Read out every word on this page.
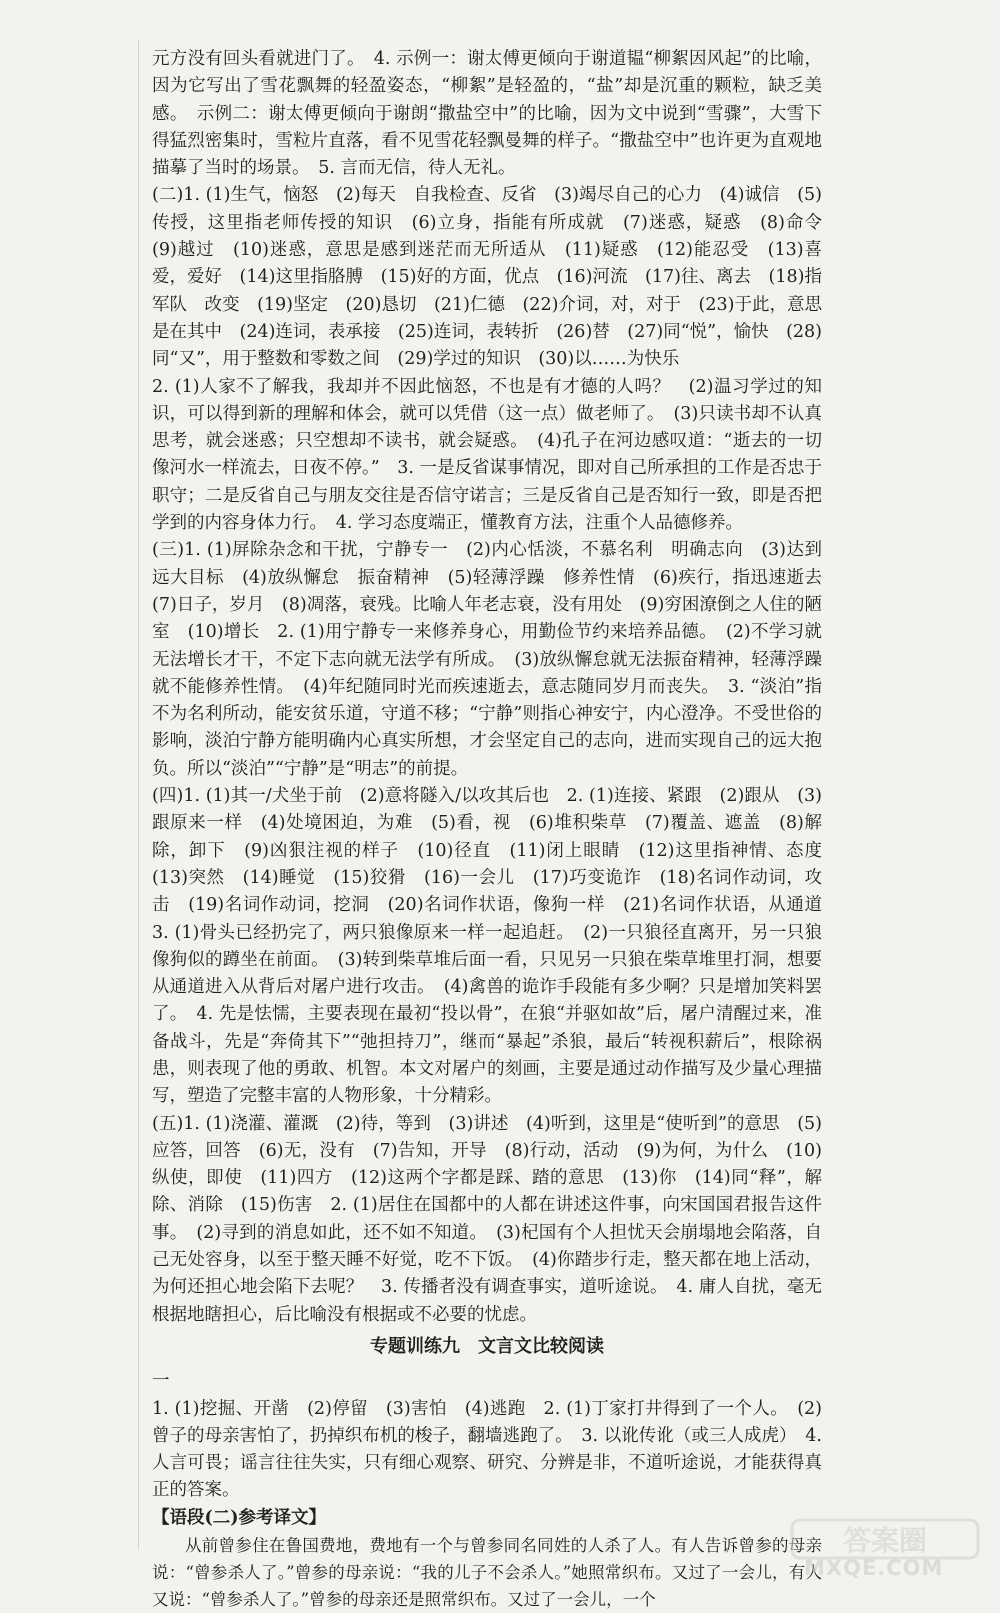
元方没有回头看就进门了。　4. 示例一：谢太傅更倾向于谢道韫“柳絮因风起”的比喻，因为它写出了雪花飘舞的轻盈姿态，“柳絮”是轻盈的，“盐”却是沉重的颗粒，缺乏美感。　示例二：谢太傅更倾向于谢朗“撒盐空中”的比喻，因为文中说到“雪骤”，大雪下得猛烈密集时，雪粒片直落，看不见雪花轻飘曼舞的样子。“撒盐空中”也许更为直观地描摹了当时的场景。　5. 言而无信，待人无礼。

(二)1. (1)生气，恼怒　(2)每天　自我检查、反省　(3)竭尽自己的心力　(4)诚信　(5)传授，这里指老师传授的知识　(6)立身，指能有所成就　(7)迷惑，疑惑　(8)命令　(9)越过　(10)迷惑，意思是感到迷茫而无所适从　(11)疑惑　(12)能忍受　(13)喜爱，爱好　(14)这里指胳膊　(15)好的方面，优点　(16)河流　(17)往、离去　(18)指军队　改变　(19)坚定　(20)恳切　(21)仁德　(22)介词，对，对于　(23)于此，意思是在其中　(24)连词，表承接　(25)连词，表转折　(26)替　(27)同“悦”，愉快　(28)同“又”，用于整数和零数之间　(29)学过的知识　(30)以……为快乐

2. (1)人家不了解我，我却并不因此恼怒，不也是有才德的人吗？　(2)温习学过的知识，可以得到新的理解和体会，就可以凭借（这一点）做老师了。　(3)只读书却不认真思考，就会迷惑；只空想却不读书，就会疑惑。　(4)孔子在河边感叹道：“逝去的一切像河水一样流去，日夜不停。”　3. 一是反省谋事情况，即对自己所承担的工作是否忠于职守；二是反省自己与朋友交往是否信守诺言；三是反省自己是否知行一致，即是否把学到的内容身体力行。　4. 学习态度端正，懂教育方法，注重个人品德修养。

(三)1. (1)屏除杂念和干扰，宁静专一　(2)内心恬淡，不慕名利　明确志向　(3)达到远大目标　(4)放纵懈怠　振奋精神　(5)轻薄浮躁　修养性情　(6)疾行，指迅速逝去　(7)日子，岁月　(8)凋落，衰残。比喻人年老志衰，没有用处　(9)穷困潦倒之人住的陋室　(10)增长　2. (1)用宁静专一来修养身心，用勤俭节约来培养品德。　(2)不学习就无法增长才干，不定下志向就无法学有所成。　(3)放纵懈怠就无法振奋精神，轻薄浮躁就不能修养性情。　(4)年纪随同时光而疾速逝去，意志随同岁月而丧失。　3. “淡泊”指不为名利所动，能安贫乐道，守道不移；“宁静”则指心神安宁，内心澄净。不受世俗的影响，淡泊宁静方能明确内心真实所想，才会坚定自己的志向，进而实现自己的远大抱负。所以“淡泊”“宁静”是“明志”的前提。

(四)1. (1)其一/犬坐于前　(2)意将隧入/以攻其后也　2. (1)连接、紧跟　(2)跟从　(3)跟原来一样　(4)处境困迫，为难　(5)看，视　(6)堆积柴草　(7)覆盖、遮盖　(8)解除，卸下　(9)凶狠注视的样子　(10)径直　(11)闭上眼睛　(12)这里指神情、态度　(13)突然　(14)睡觉　(15)狡猾　(16)一会儿　(17)巧变诡诈　(18)名词作动词，攻击　(19)名词作动词，挖洞　(20)名词作状语，像狗一样　(21)名词作状语，从通道　3. (1)骨头已经扔完了，两只狼像原来一样一起追赶。　(2)一只狼径直离开，另一只狼像狗似的蹲坐在前面。　(3)转到柴草堆后面一看，只见另一只狼在柴草堆里打洞，想要从通道进入从背后对屠户进行攻击。　(4)禽兽的诡诈手段能有多少啊？只是增加笑料罢了。　4. 先是怯懦，主要表现在最初“投以骨”，在狼“并驱如故”后，屠户清醒过来，准备战斗，先是“奔倚其下”“弛担持刀”，继而“暴起”杀狼，最后“转视积薪后”，根除祸患，则表现了他的勇敢、机智。本文对屠户的刻画，主要是通过动作描写及少量心理描写，塑造了完整丰富的人物形象，十分精彩。

(五)1. (1)浇灌、灌溉　(2)待，等到　(3)讲述　(4)听到，这里是“使听到”的意思　(5)应答，回答　(6)无，没有　(7)告知，开导　(8)行动，活动　(9)为何，为什么　(10)纵使，即使　(11)四方　(12)这两个字都是踩、踏的意思　(13)你　(14)同“释”，解除、消除　(15)伤害　2. (1)居住在国都中的人都在讲述这件事，向宋国国君报告这件事。　(2)寻到的消息如此，还不如不知道。　(3)杞国有个人担忧天会崩塌地会陷落，自己无处容身，以至于整天睡不好觉，吃不下饭。　(4)你踏步行走，整天都在地上活动，为何还担心地会陷下去呢？　3. 传播者没有调查事实，道听途说。　4. 庸人自扰，毫无根据地瞎担心，后比喻没有根据或不必要的忧虑。

专题训练九　文言文比较阅读

一

1. (1)挖掘、开凿　(2)停留　(3)害怕　(4)逃跑　2. (1)丁家打井得到了一个人。　(2)曾子的母亲害怕了，扔掉织布机的梭子，翻墙逃跑了。　3. 以讹传讹（或三人成虎）　4. 人言可畏；谣言往往失实，只有细心观察、研究、分辨是非，不道听途说，才能获得真正的答案。

【语段(二)参考译文】

从前曾参住在鲁国费地，费地有一个与曾参同名同姓的人杀了人。有人告诉曾参的母亲说：“曾参杀人了。”曾参的母亲说：“我的儿子不会杀人。”她照常织布。又过了一会儿，有人又说：“曾参杀人了。”曾参的母亲还是照常织布。又过了一会儿，一个

答案圈
MXQE.COM
